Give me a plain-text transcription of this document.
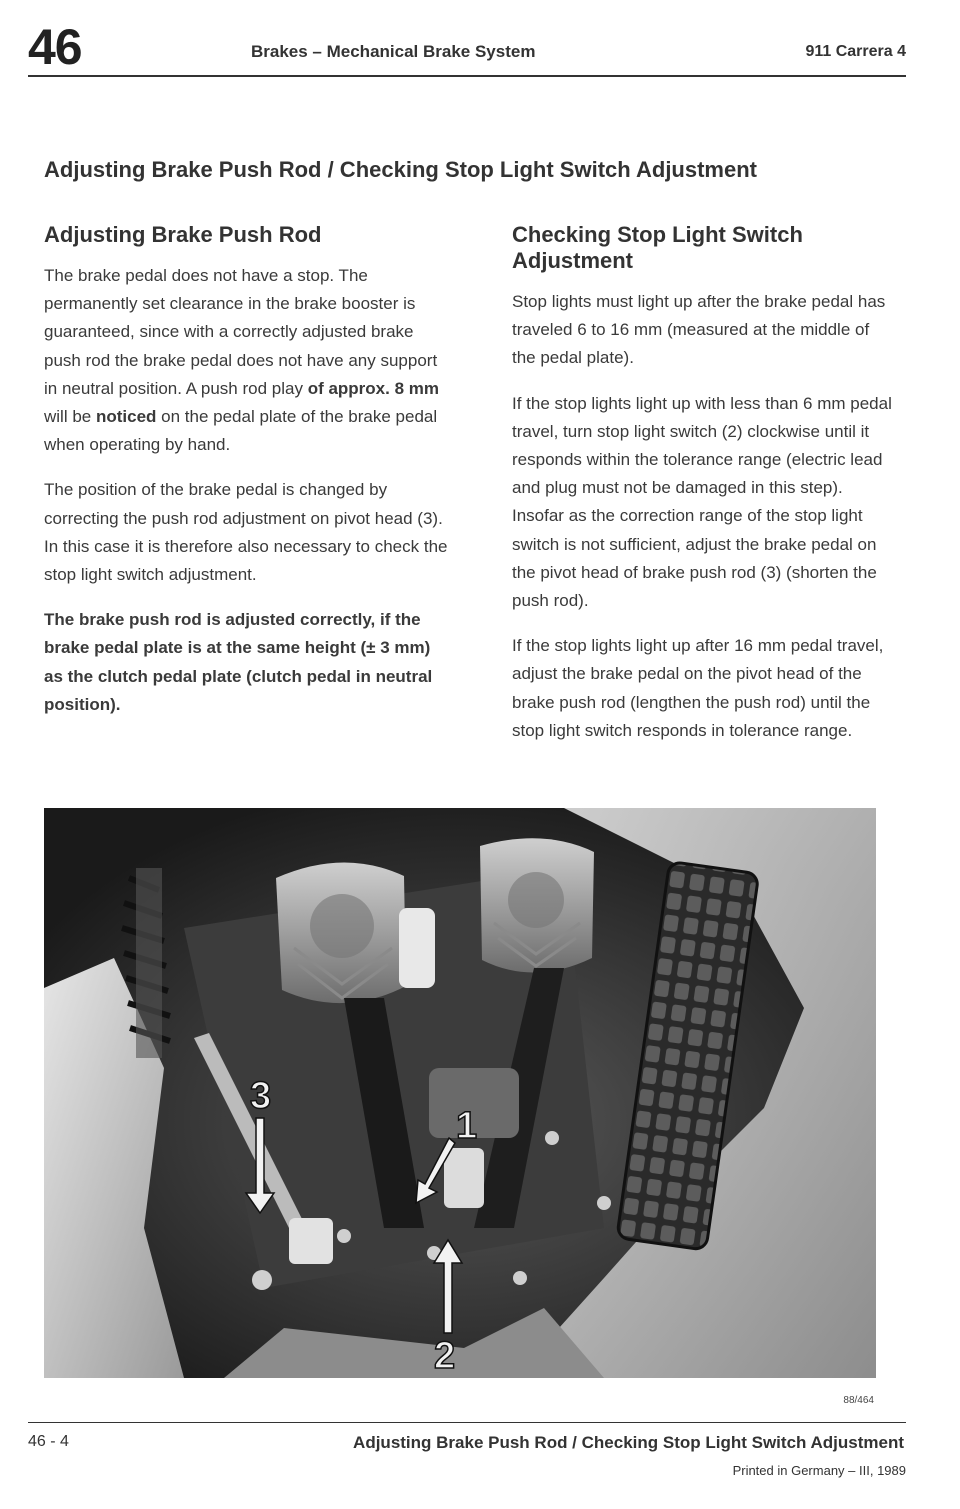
46	Brakes – Mechanical Brake System	911 Carrera 4
Adjusting Brake Push Rod / Checking Stop Light Switch Adjustment
Adjusting Brake Push Rod

The brake pedal does not have a stop. The permanently set clearance in the brake booster is guaranteed, since with a correctly adjusted brake push rod the brake pedal does not have any support in neutral position. A push rod play of approx. 8 mm will be noticed on the pedal plate of the brake pedal when operating by hand.

The position of the brake pedal is changed by correcting the push rod adjustment on pivot head (3). In this case it is therefore also necessary to check the stop light switch adjustment.

The brake push rod is adjusted correctly, if the brake pedal plate is at the same height (± 3 mm) as the clutch pedal plate (clutch pedal in neutral position).

Checking Stop Light Switch Adjustment

Stop lights must light up after the brake pedal has traveled 6 to 16 mm (measured at the middle of the pedal plate).

If the stop lights light up with less than 6 mm pedal travel, turn stop light switch (2) clockwise until it responds within the tolerance range (electric lead and plug must not be damaged in this step). Insofar as the correction range of the stop light switch is not sufficient, adjust the brake pedal on the pivot head of brake push rod (3) (shorten the push rod).

If the stop lights light up after 16 mm pedal travel, adjust the brake pedal on the pivot head of the brake push rod (lengthen the push rod) until the stop light switch responds in tolerance range.

3
1
2
88/464
46 - 4	Adjusting Brake Push Rod / Checking Stop Light Switch Adjustment
Printed in Germany – III, 1989
